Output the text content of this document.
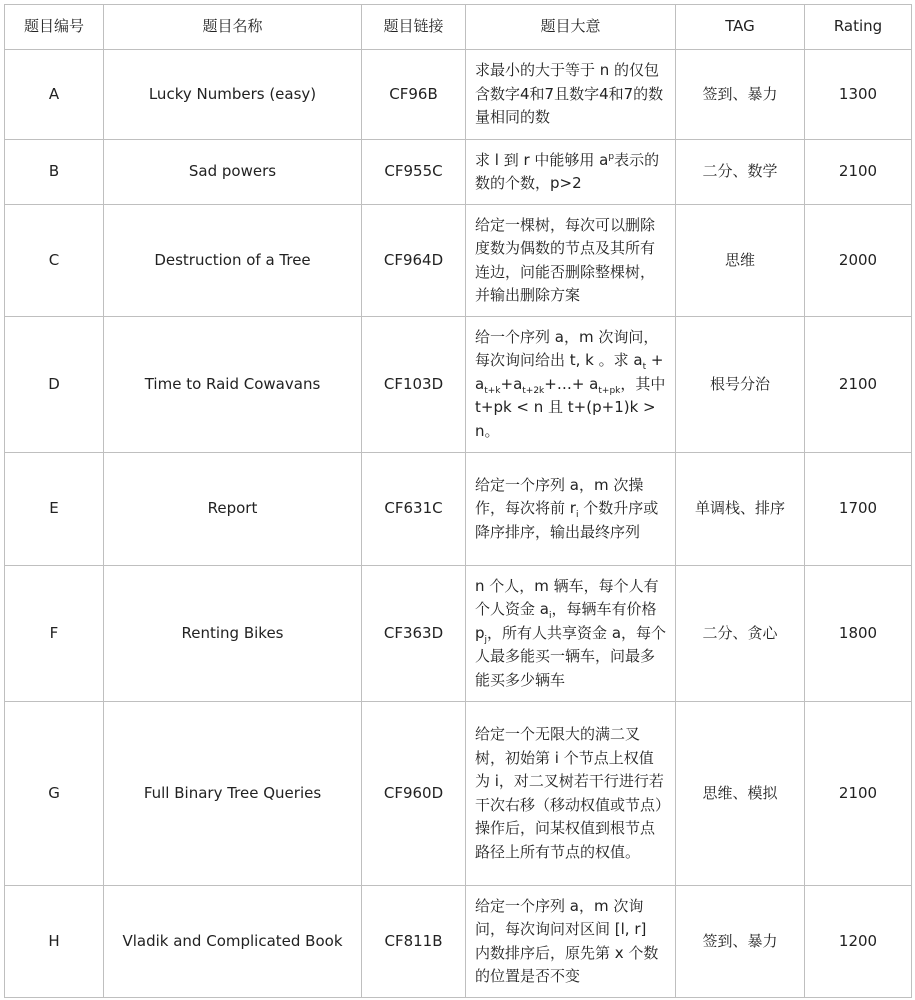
题目编号	题目名称	题目链接	题目大意	TAG	Rating
A	Lucky Numbers (easy)	CF96B	求最小的大于等于 n 的仅包含数字4和7且数字4和7的数量相同的数	签到、暴力	1300
B	Sad powers	CF955C	求 l 到 r 中能够用 $a^p$表示的数的个数，p>2	二分、数学	2100
C	Destruction of a Tree	CF964D	给定一棵树，每次可以删除度数为偶数的节点及其所有连边，问能否删除整棵树，并输出删除方案	思维	2000
D	Time to Raid Cowavans	CF103D	给一个序列 a，m 次询问，每次询问给出 t, k 。求 $a_t$ + $a_{t+k}+a_{t+2k}+\dots+ a_{t+pk}$，其中 t+pk < n 且 t+(p+1)k > n。	根号分治	2100
E	Report	CF631C	给定一个序列 a，m 次操作，每次将前 $r_i$ 个数升序或降序排序，输出最终序列	单调栈、排序	1700
F	Renting Bikes	CF363D	n 个人，m 辆车，每个人有个人资金 $a_i$，每辆车有价格 $p_j$，所有人共享资金 a，每个人最多能买一辆车，问最多能买多少辆车	二分、贪心	1800
G	Full Binary Tree Queries	CF960D	给定一个无限大的满二叉树，初始第 i 个节点上权值为 i，对二叉树若干行进行若干次右移（移动权值或节点）操作后，问某权值到根节点路径上所有节点的权值。	思维、模拟	2100
H	Vladik and Complicated Book	CF811B	给定一个序列 a，m 次询问，每次询问对区间 [l, r] 内数排序后，原先第 x 个数的位置是否不变	签到、暴力	1200
